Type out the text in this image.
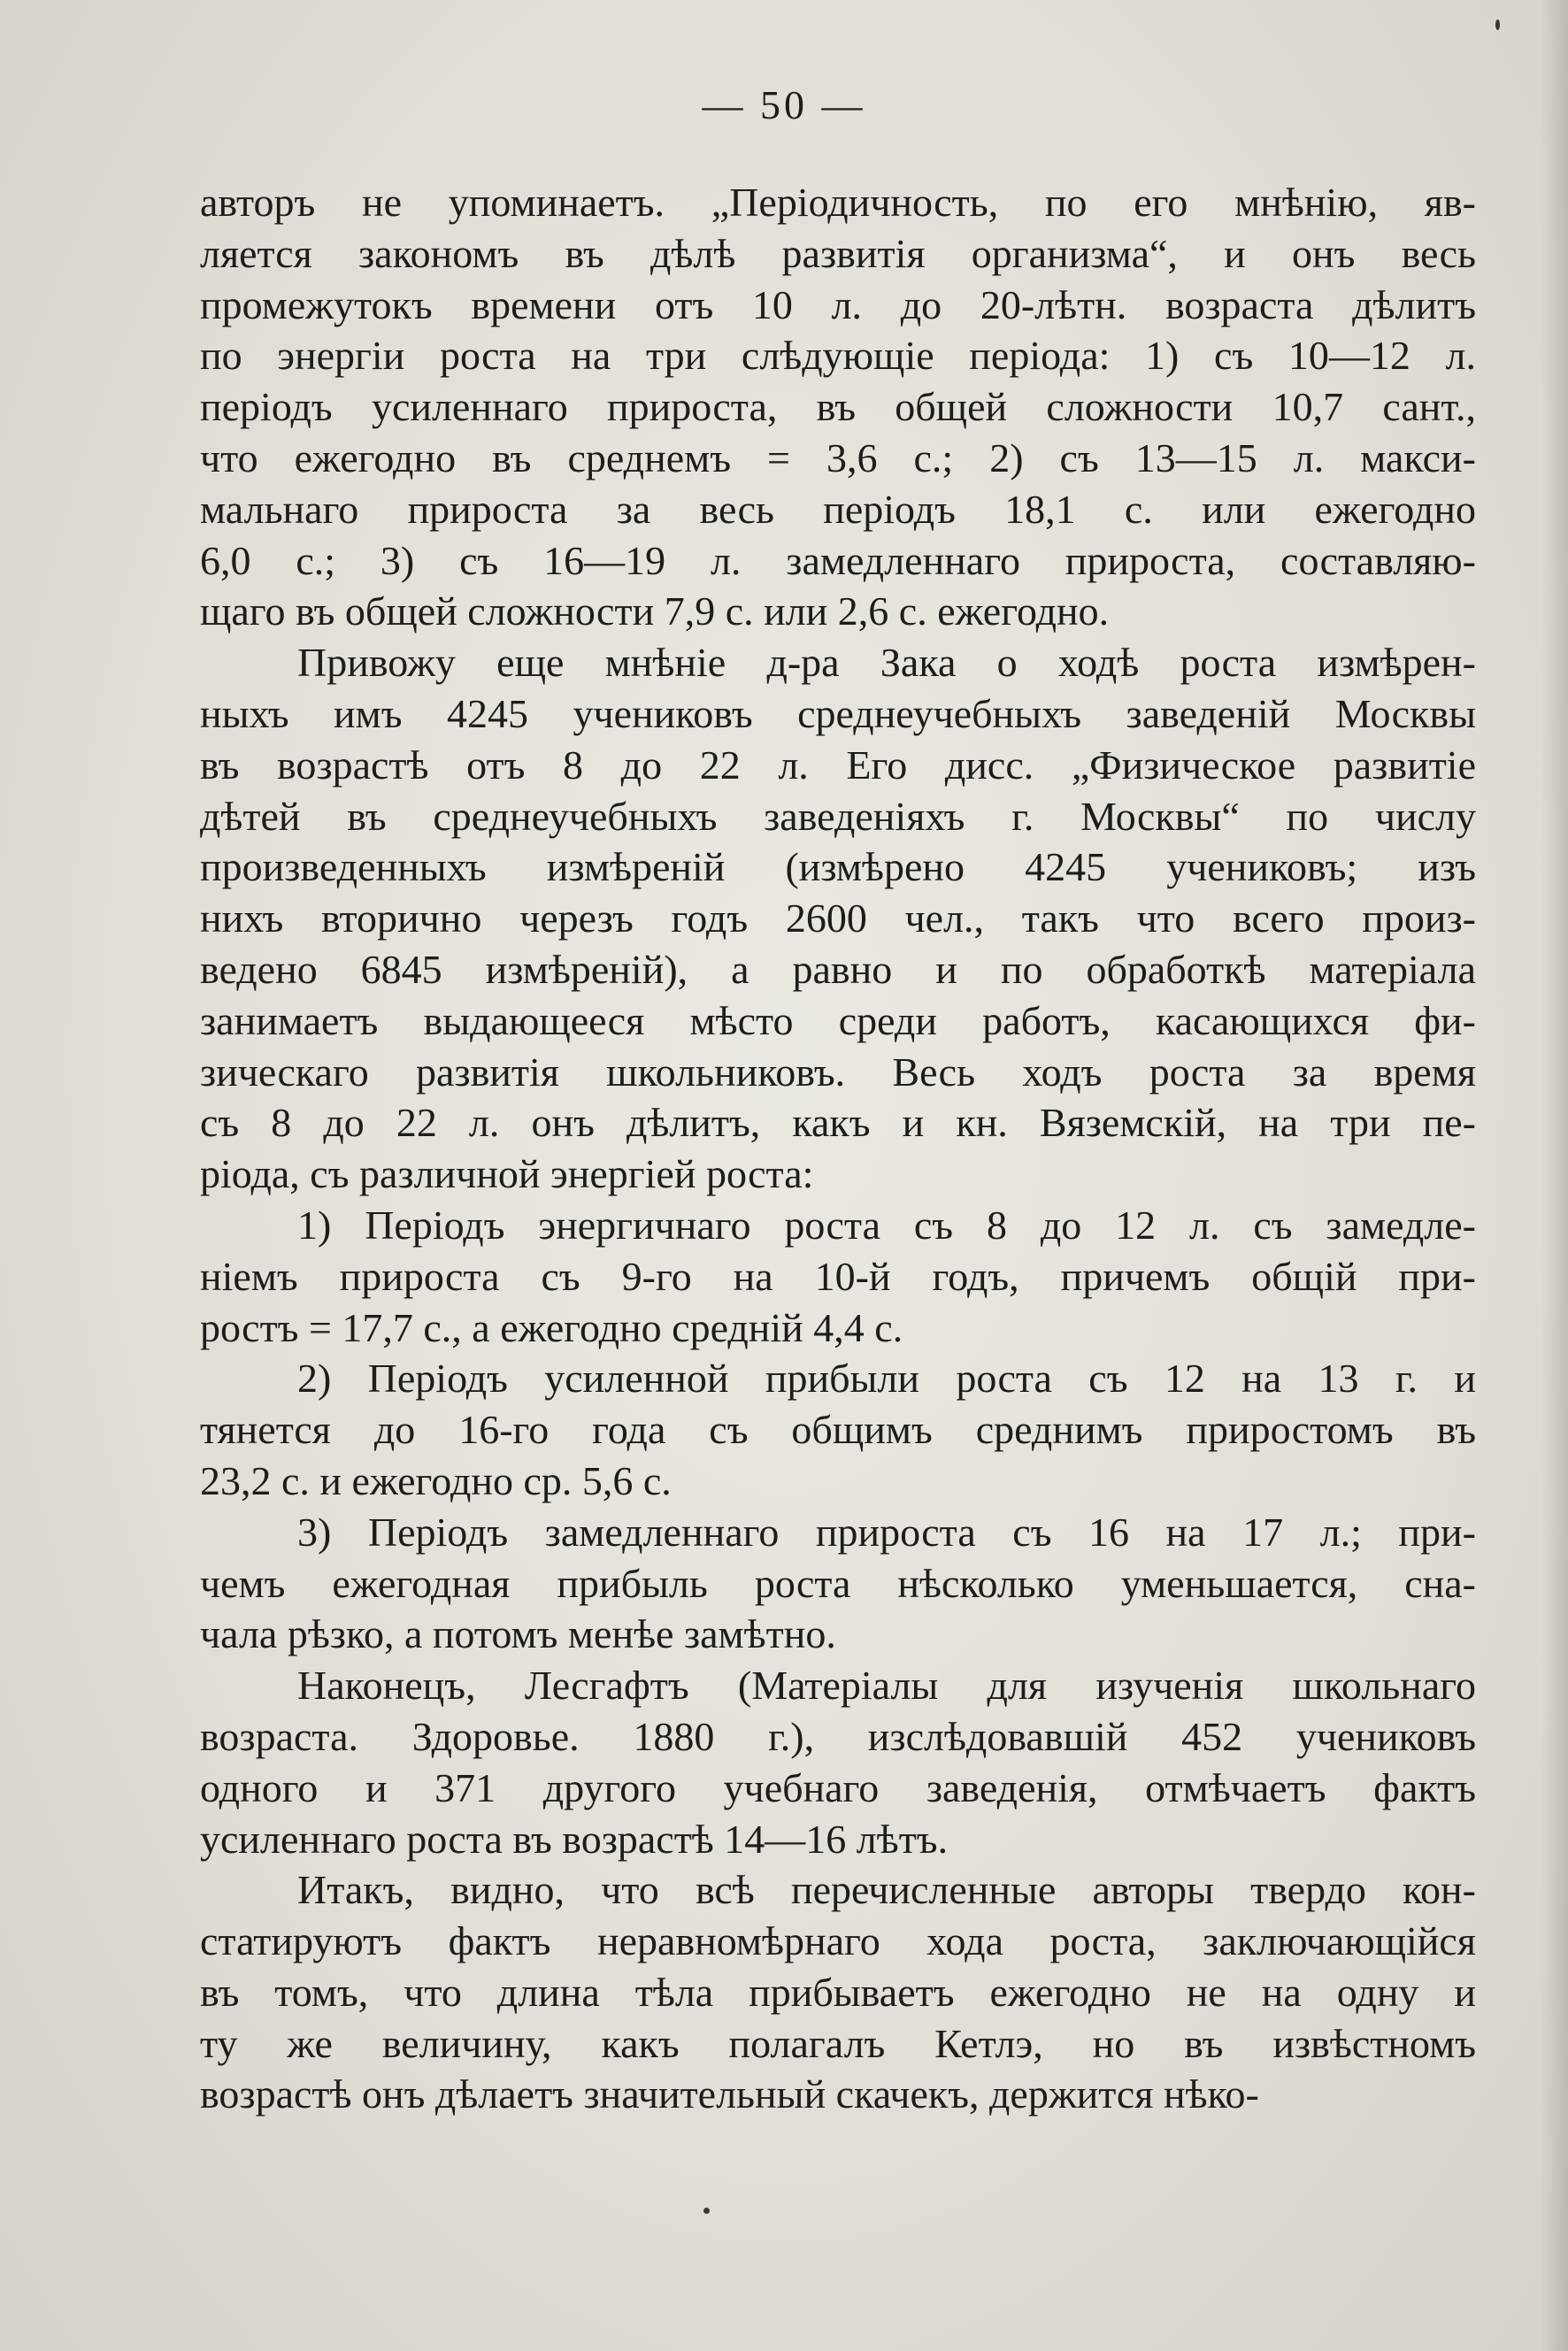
— 50 —

авторъ не упоминаетъ. „Періодичность, по его мнѣнію, яв-
ляется закономъ въ дѣлѣ развитія организма“, и онъ весь
промежутокъ времени отъ 10 л. до 20-лѣтн. возраста дѣлитъ
по энергіи роста на три слѣдующіе періода: 1) съ 10—12 л.
періодъ усиленнаго прироста, въ общей сложности 10,7 сант.,
что ежегодно въ среднемъ = 3,6 с.; 2) съ 13—15 л. макси-
мальнаго прироста за весь періодъ 18,1 с. или ежегодно
6,0 с.; 3) съ 16—19 л. замедленнаго прироста, составляю-
щаго въ общей сложности 7,9 с. или 2,6 с. ежегодно.

Привожу еще мнѣніе д-ра Зака о ходѣ роста измѣрен-
ныхъ имъ 4245 учениковъ среднеучебныхъ заведеній Москвы
въ возрастѣ отъ 8 до 22 л. Его дисс. „Физическое развитіе
дѣтей въ среднеучебныхъ заведеніяхъ г. Москвы“ по числу
произведенныхъ измѣреній (измѣрено 4245 учениковъ; изъ
нихъ вторично черезъ годъ 2600 чел., такъ что всего произ-
ведено 6845 измѣреній), а равно и по обработкѣ матеріала
занимаетъ выдающееся мѣсто среди работъ, касающихся фи-
зическаго развитія школьниковъ. Весь ходъ роста за время
съ 8 до 22 л. онъ дѣлитъ, какъ и кн. Вяземскій, на три пе-
ріода, съ различной энергіей роста:

1) Періодъ энергичнаго роста съ 8 до 12 л. съ замедле-
ніемъ прироста съ 9-го на 10-й годъ, причемъ общій при-
ростъ = 17,7 с., а ежегодно средній 4,4 с.

2) Періодъ усиленной прибыли роста съ 12 на 13 г. и
тянется до 16-го года съ общимъ среднимъ приростомъ въ
23,2 с. и ежегодно ср. 5,6 с.

3) Періодъ замедленнаго прироста съ 16 на 17 л.; при-
чемъ ежегодная прибыль роста нѣсколько уменьшается, сна-
чала рѣзко, а потомъ менѣе замѣтно.

Наконецъ, Лесгафтъ (Матеріалы для изученія школьнаго
возраста. Здоровье. 1880 г.), изслѣдовавшій 452 учениковъ
одного и 371 другого учебнаго заведенія, отмѣчаетъ фактъ
усиленнаго роста въ возрастѣ 14—16 лѣтъ.

Итакъ, видно, что всѣ перечисленные авторы твердо кон-
статируютъ фактъ неравномѣрнаго хода роста, заключающійся
въ томъ, что длина тѣла прибываетъ ежегодно не на одну и
ту же величину, какъ полагалъ Кетлэ, но въ извѣстномъ
возрастѣ онъ дѣлаетъ значительный скачекъ, держится нѣко-
